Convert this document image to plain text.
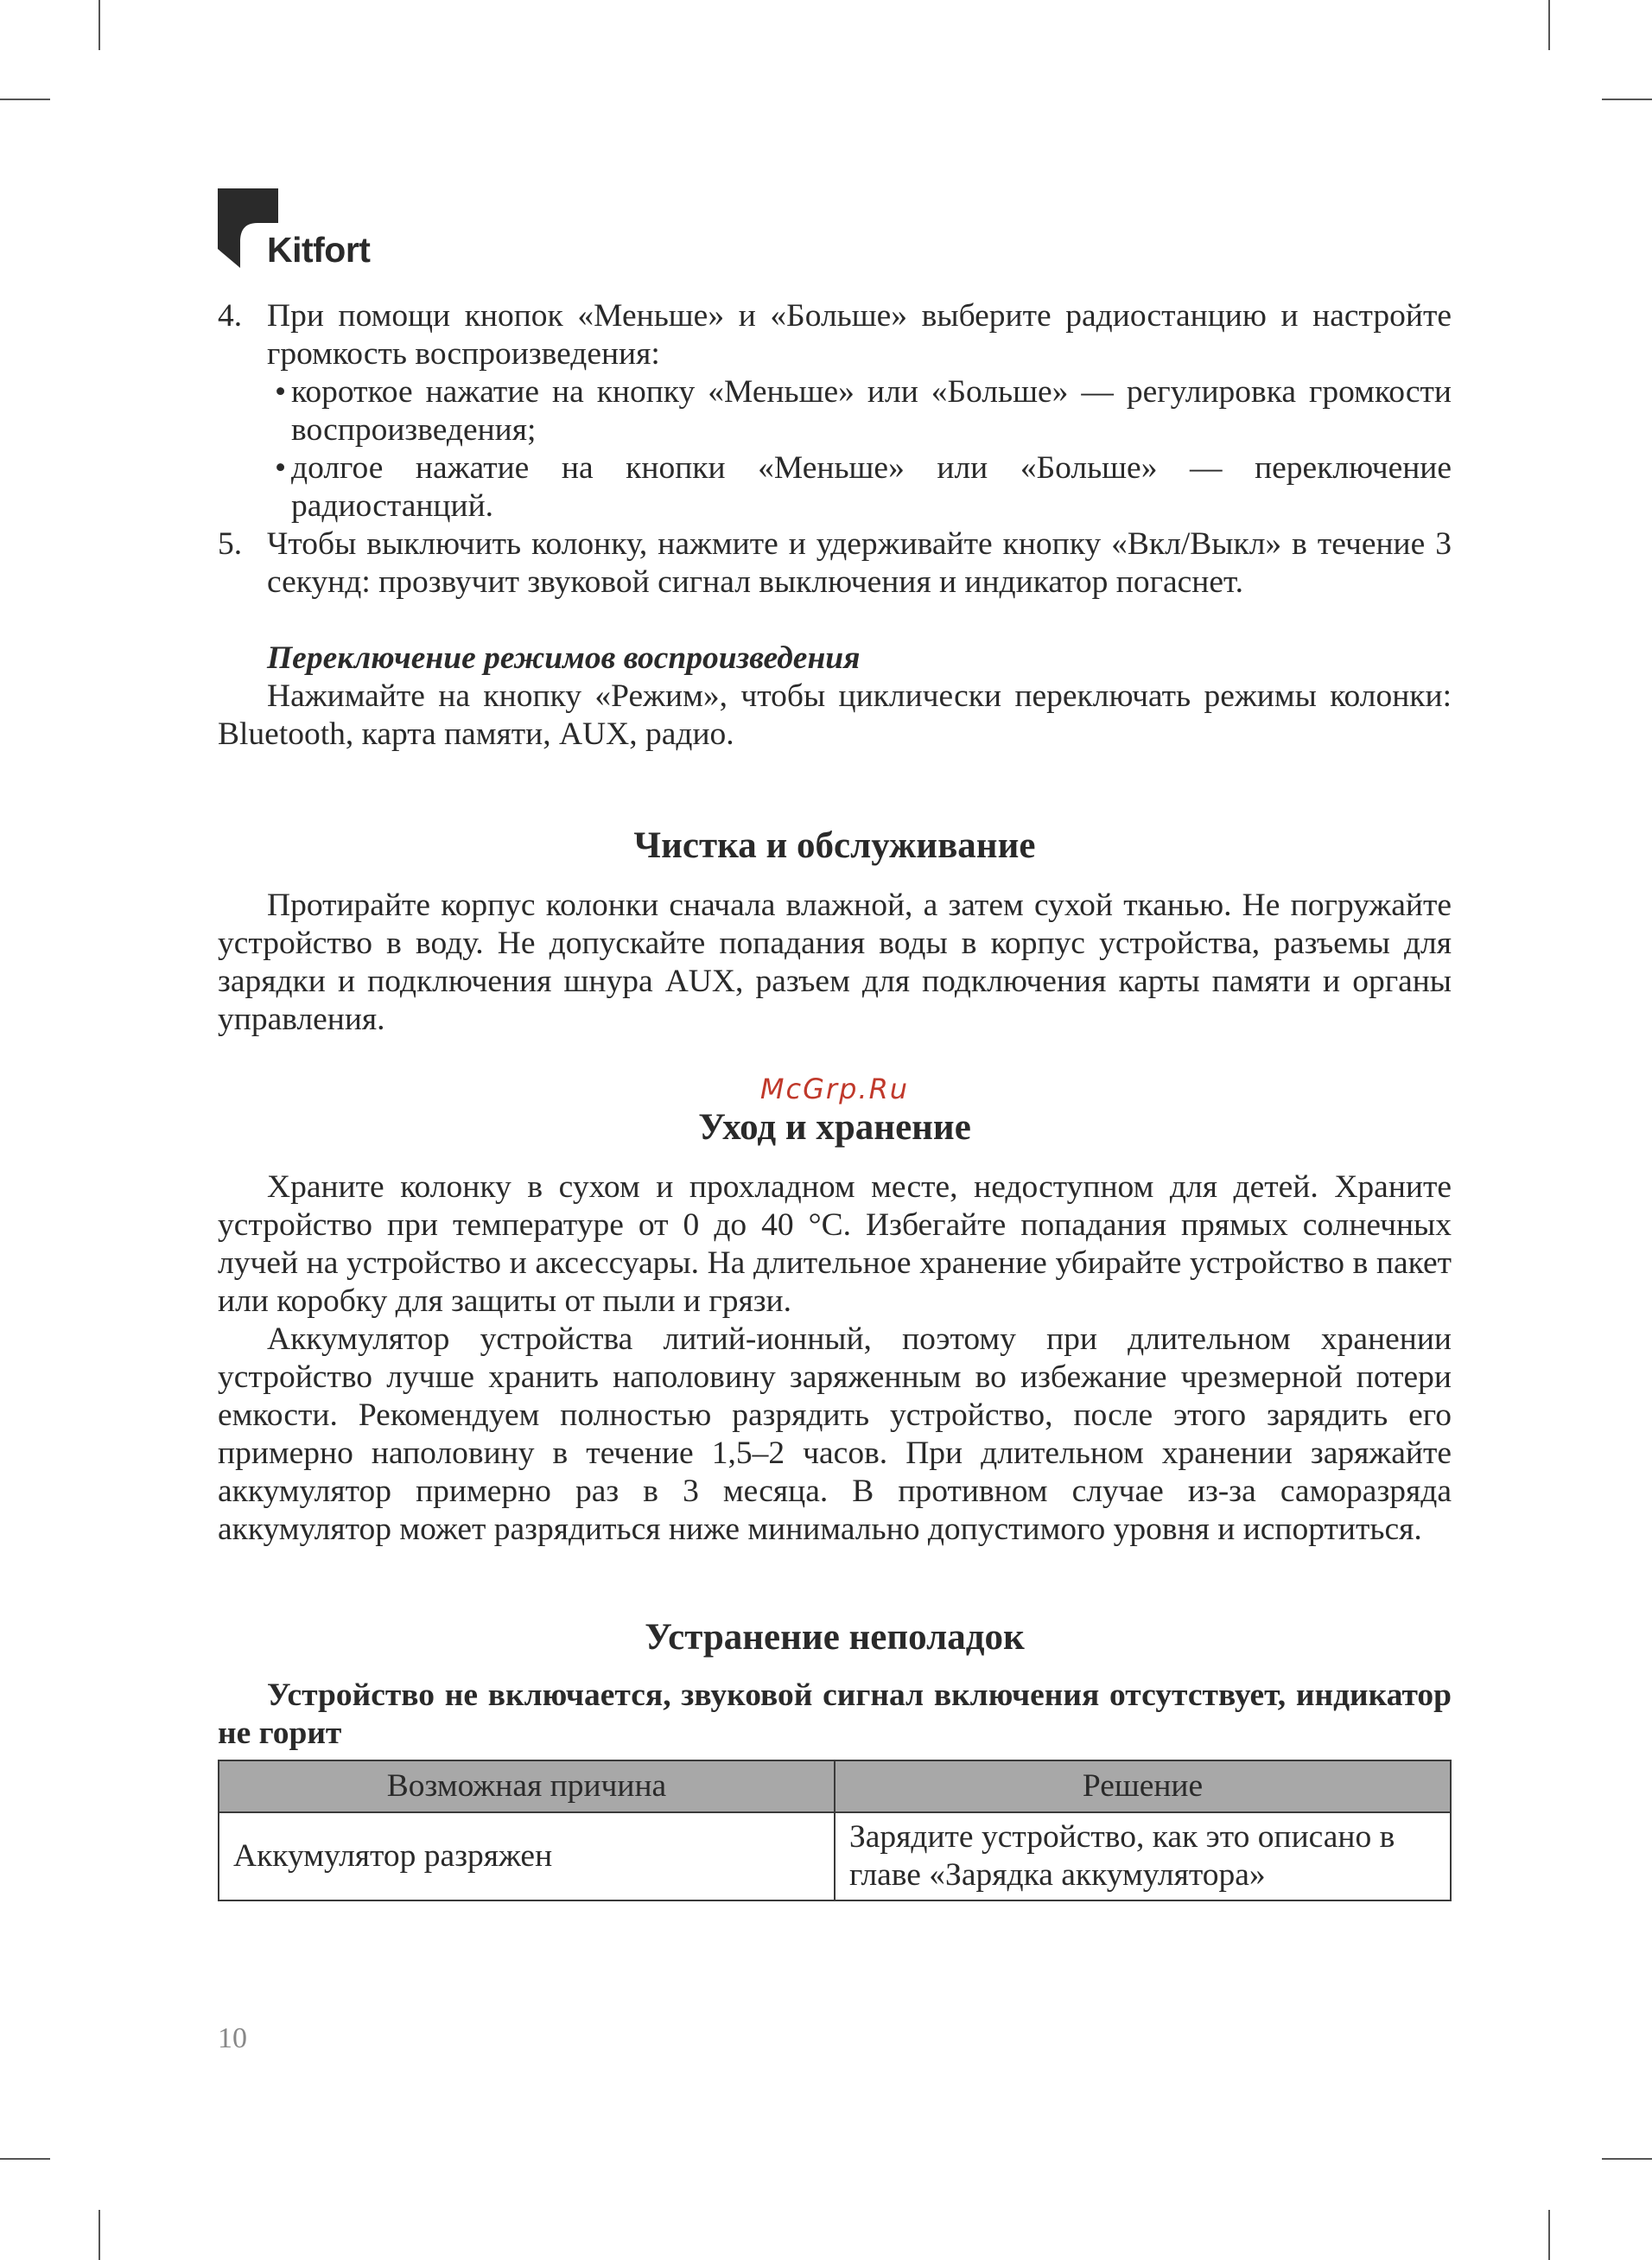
Kitfort
4. При помощи кнопок «Меньше» и «Больше» выберите радиостанцию и настройте громкость воспроизведения:
• короткое нажатие на кнопку «Меньше» или «Больше» — регулировка громкости воспроизведения;
• долгое нажатие на кнопки «Меньше» или «Больше» — переключение радиостанций.
5. Чтобы выключить колонку, нажмите и удерживайте кнопку «Вкл/Выкл» в течение 3 секунд: прозвучит звуковой сигнал выключения и индикатор погаснет.
Переключение режимов воспроизведения

Нажимайте на кнопку «Режим», чтобы циклически переключать режимы колонки: Bluetooth, карта памяти, AUX, радио.

Чистка и обслуживание

Протирайте корпус колонки сначала влажной, а затем сухой тканью. Не погружайте устройство в воду. Не допускайте попадания воды в корпус устройства, разъемы для зарядки и подключения шнура AUX, разъем для подключения карты памяти и органы управления.

McGrp.Ru
Уход и хранение

Храните колонку в сухом и прохладном месте, недоступном для детей. Храните устройство при температуре от 0 до 40 °С. Избегайте попадания прямых солнечных лучей на устройство и аксессуары. На длительное хранение убирайте устройство в пакет или коробку для защиты от пыли и грязи.

Аккумулятор устройства литий-ионный, поэтому при длительном хранении устройство лучше хранить наполовину заряженным во избежание чрезмерной потери емкости. Рекомендуем полностью разрядить устройство, после этого зарядить его примерно наполовину в течение 1,5–2 часов. При длительном хранении заряжайте аккумулятор примерно раз в 3 месяца. В противном случае из-за саморазряда аккумулятор может разрядиться ниже минимально допустимого уровня и испортиться.

Устранение неполадок

Устройство не включается, звуковой сигнал включения отсутствует, индикатор не горит

Возможная причина	Решение
Аккумулятор разряжен	Зарядите устройство, как это описано в главе «Зарядка аккумулятора»
10
